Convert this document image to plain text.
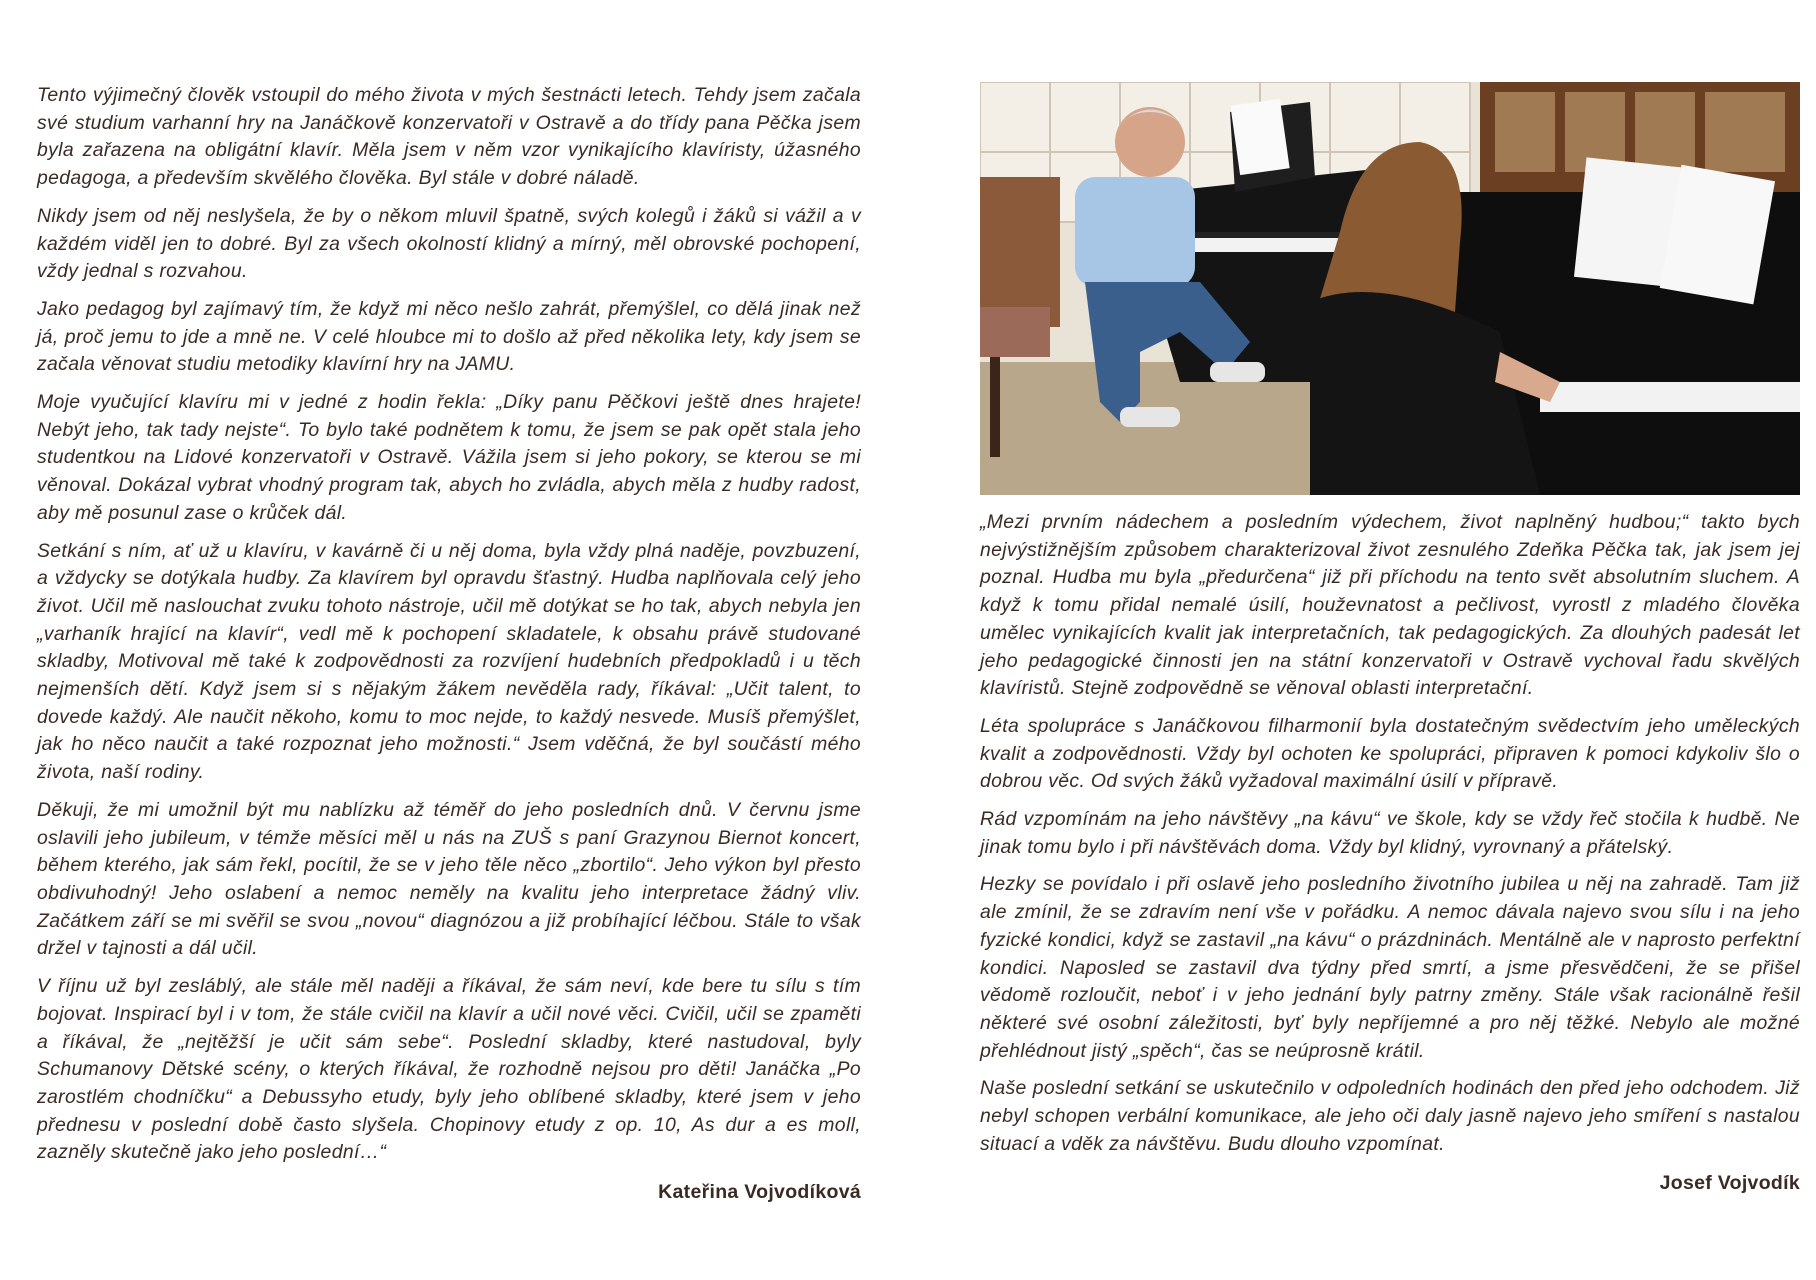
Tento výjimečný člověk vstoupil do mého života v mých šestnácti letech. Tehdy jsem začala své studium varhanní hry na Janáčkově konzervatoři v Ostravě a do třídy pana Pěčka jsem byla zařazena na obligátní klavír. Měla jsem v něm vzor vynikajícího klavíristy, úžasného pedagoga, a především skvělého člověka. Byl stále v dobré náladě.

Nikdy jsem od něj neslyšela, že by o někom mluvil špatně, svých kolegů i žáků si vážil a v každém viděl jen to dobré. Byl za všech okolností klidný a mírný, měl obrovské pochopení, vždy jednal s rozvahou.

Jako pedagog byl zajímavý tím, že když mi něco nešlo zahrát, přemýšlel, co dělá jinak než já, proč jemu to jde a mně ne. V celé hloubce mi to došlo až před několika lety, kdy jsem se začala věnovat studiu metodiky klavírní hry na JAMU.

Moje vyučující klavíru mi v jedné z hodin řekla: „Díky panu Pěčkovi ještě dnes hrajete! Nebýt jeho, tak tady nejste“. To bylo také podnětem k tomu, že jsem se pak opět stala jeho studentkou na Lidové konzervatoři v Ostravě. Vážila jsem si jeho pokory, se kterou se mi věnoval. Dokázal vybrat vhodný program tak, abych ho zvládla, abych měla z hudby radost, aby mě posunul zase o krůček dál.

Setkání s ním, ať už u klavíru, v kavárně či u něj doma, byla vždy plná naděje, povzbuzení, a vždycky se dotýkala hudby. Za klavírem byl opravdu šťastný. Hudba naplňovala celý jeho život. Učil mě naslouchat zvuku tohoto nástroje, učil mě dotýkat se ho tak, abych nebyla jen „varhaník hrající na klavír“, vedl mě k pochopení skladatele, k obsahu právě studované skladby, Motivoval mě také k zodpovědnosti za rozvíjení hudebních předpokladů i u těch nejmenších dětí. Když jsem si s nějakým žákem nevěděla rady, říkával: „Učit talent, to dovede každý. Ale naučit někoho, komu to moc nejde, to každý nesvede. Musíš přemýšlet, jak ho něco naučit a také rozpoznat jeho možnosti.“ Jsem vděčná, že byl součástí mého života, naší rodiny.

Děkuji, že mi umožnil být mu nablízku až téměř do jeho posledních dnů. V červnu jsme oslavili jeho jubileum, v témže měsíci měl u nás na ZUŠ s paní Grazynou Biernot koncert, během kterého, jak sám řekl, pocítil, že se v jeho těle něco „zbortilo“. Jeho výkon byl přesto obdivuhodný! Jeho oslabení a nemoc neměly na kvalitu jeho interpretace žádný vliv. Začátkem září se mi svěřil se svou „novou“ diagnózou a již probíhající léčbou. Stále to však držel v tajnosti a dál učil.

V říjnu už byl zesláblý, ale stále měl naději a říkával, že sám neví, kde bere tu sílu s tím bojovat. Inspirací byl i v tom, že stále cvičil na klavír a učil nové věci. Cvičil, učil se zpaměti a říkával, že „nejtěžší je učit sám sebe“. Poslední skladby, které nastudoval, byly Schumanovy Dětské scény, o kterých říkával, že rozhodně nejsou pro děti! Janáčka „Po zarostlém chodníčku“ a Debussyho etudy, byly jeho oblíbené skladby, které jsem v jeho přednesu v poslední době často slyšela. Chopinovy etudy z op. 10, As dur a es moll, zazněly skutečně jako jeho poslední…“

Kateřina Vojvodíková

„Mezi prvním nádechem a posledním výdechem, život naplněný hudbou;“ takto bych nejvýstižnějším způsobem charakterizoval život zesnulého Zdeňka Pěčka tak, jak jsem jej poznal. Hudba mu byla „předurčena“ již při příchodu na tento svět absolutním sluchem. A když k tomu přidal nemalé úsilí, houževnatost a pečlivost, vyrostl z mladého člověka umělec vynikajících kvalit jak interpretačních, tak pedagogických. Za dlouhých padesát let jeho pedagogické činnosti jen na státní konzervatoři v Ostravě vychoval řadu skvělých klavíristů. Stejně zodpovědně se věnoval oblasti interpretační.

Léta spolupráce s Janáčkovou filharmonií byla dostatečným svědectvím jeho uměleckých kvalit a zodpovědnosti. Vždy byl ochoten ke spolupráci, připraven k pomoci kdykoliv šlo o dobrou věc. Od svých žáků vyžadoval maximální úsilí v přípravě.

Rád vzpomínám na jeho návštěvy „na kávu“ ve škole, kdy se vždy řeč stočila k hudbě. Ne jinak tomu bylo i při návštěvách doma. Vždy byl klidný, vyrovnaný a přátelský.

Hezky se povídalo i při oslavě jeho posledního životního jubilea u něj na zahradě. Tam již ale zmínil, že se zdravím není vše v pořádku. A nemoc dávala najevo svou sílu i na jeho fyzické kondici, když se zastavil „na kávu“ o prázdninách. Mentálně ale v naprosto perfektní kondici. Naposled se zastavil dva týdny před smrtí, a jsme přesvědčeni, že se přišel vědomě rozloučit, neboť i v jeho jednání byly patrny změny. Stále však racionálně řešil některé své osobní záležitosti, byť byly nepříjemné a pro něj těžké. Nebylo ale možné přehlédnout jistý „spěch“, čas se neúprosně krátil.

Naše poslední setkání se uskutečnilo v odpoledních hodinách den před jeho odchodem. Již nebyl schopen verbální komunikace, ale jeho oči daly jasně najevo jeho smíření s nastalou situací a vděk za návštěvu. Budu dlouho vzpomínat.

Josef Vojvodík
